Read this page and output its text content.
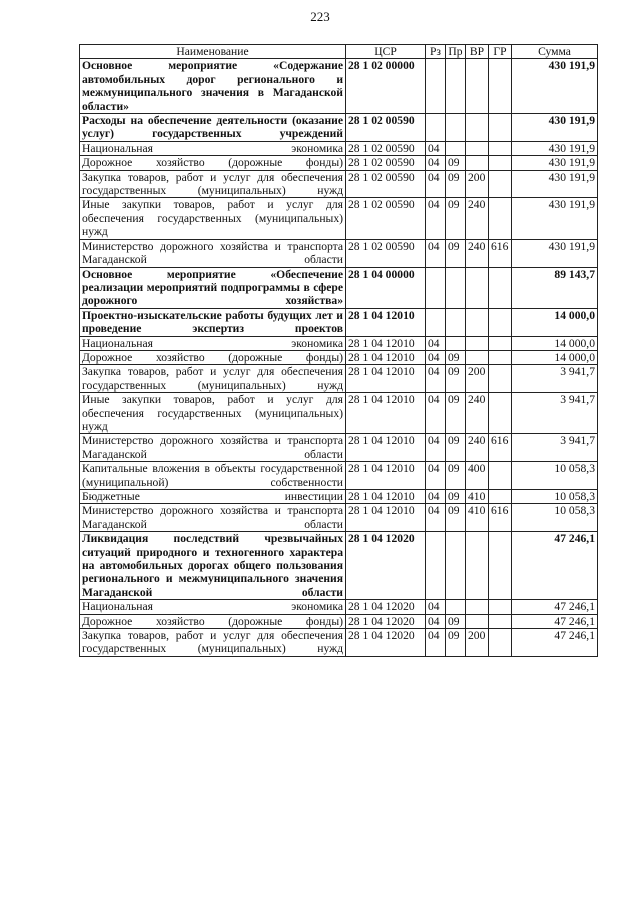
223
Наименование	ЦСР	Рз	Пр	ВР	ГР	Сумма
Основное мероприятие «Содержание автомобильных дорог регионального и межмуниципального значения в Магаданской области»	28 1 02 00000					430 191,9
Расходы на обеспечение деятельности (оказание услуг) государственных учреждений	28 1 02 00590					430 191,9
Национальная экономика	28 1 02 00590	04				430 191,9
Дорожное хозяйство (дорожные фонды)	28 1 02 00590	04	09			430 191,9
Закупка товаров, работ и услуг для обеспечения государственных (муниципальных) нужд	28 1 02 00590	04	09	200		430 191,9
Иные закупки товаров, работ и услуг для обеспечения государственных (муниципальных) нужд	28 1 02 00590	04	09	240		430 191,9
Министерство дорожного хозяйства и транспорта Магаданской области	28 1 02 00590	04	09	240	616	430 191,9
Основное мероприятие «Обеспечение реализации мероприятий подпрограммы в сфере дорожного хозяйства»	28 1 04 00000					89 143,7
Проектно-изыскательские работы будущих лет и проведение экспертиз проектов	28 1 04 12010					14 000,0
Национальная экономика	28 1 04 12010	04				14 000,0
Дорожное хозяйство (дорожные фонды)	28 1 04 12010	04	09			14 000,0
Закупка товаров, работ и услуг для обеспечения государственных (муниципальных) нужд	28 1 04 12010	04	09	200		3 941,7
Иные закупки товаров, работ и услуг для обеспечения государственных (муниципальных) нужд	28 1 04 12010	04	09	240		3 941,7
Министерство дорожного хозяйства и транспорта Магаданской области	28 1 04 12010	04	09	240	616	3 941,7
Капитальные вложения в объекты государственной (муниципальной) собственности	28 1 04 12010	04	09	400		10 058,3
Бюджетные инвестиции	28 1 04 12010	04	09	410		10 058,3
Министерство дорожного хозяйства и транспорта Магаданской области	28 1 04 12010	04	09	410	616	10 058,3
Ликвидация последствий чрезвычайных ситуаций природного и техногенного характера на автомобильных дорогах общего пользования регионального и межмуниципального значения Магаданской области	28 1 04 12020					47 246,1
Национальная экономика	28 1 04 12020	04				47 246,1
Дорожное хозяйство (дорожные фонды)	28 1 04 12020	04	09			47 246,1
Закупка товаров, работ и услуг для обеспечения государственных (муниципальных) нужд	28 1 04 12020	04	09	200		47 246,1
